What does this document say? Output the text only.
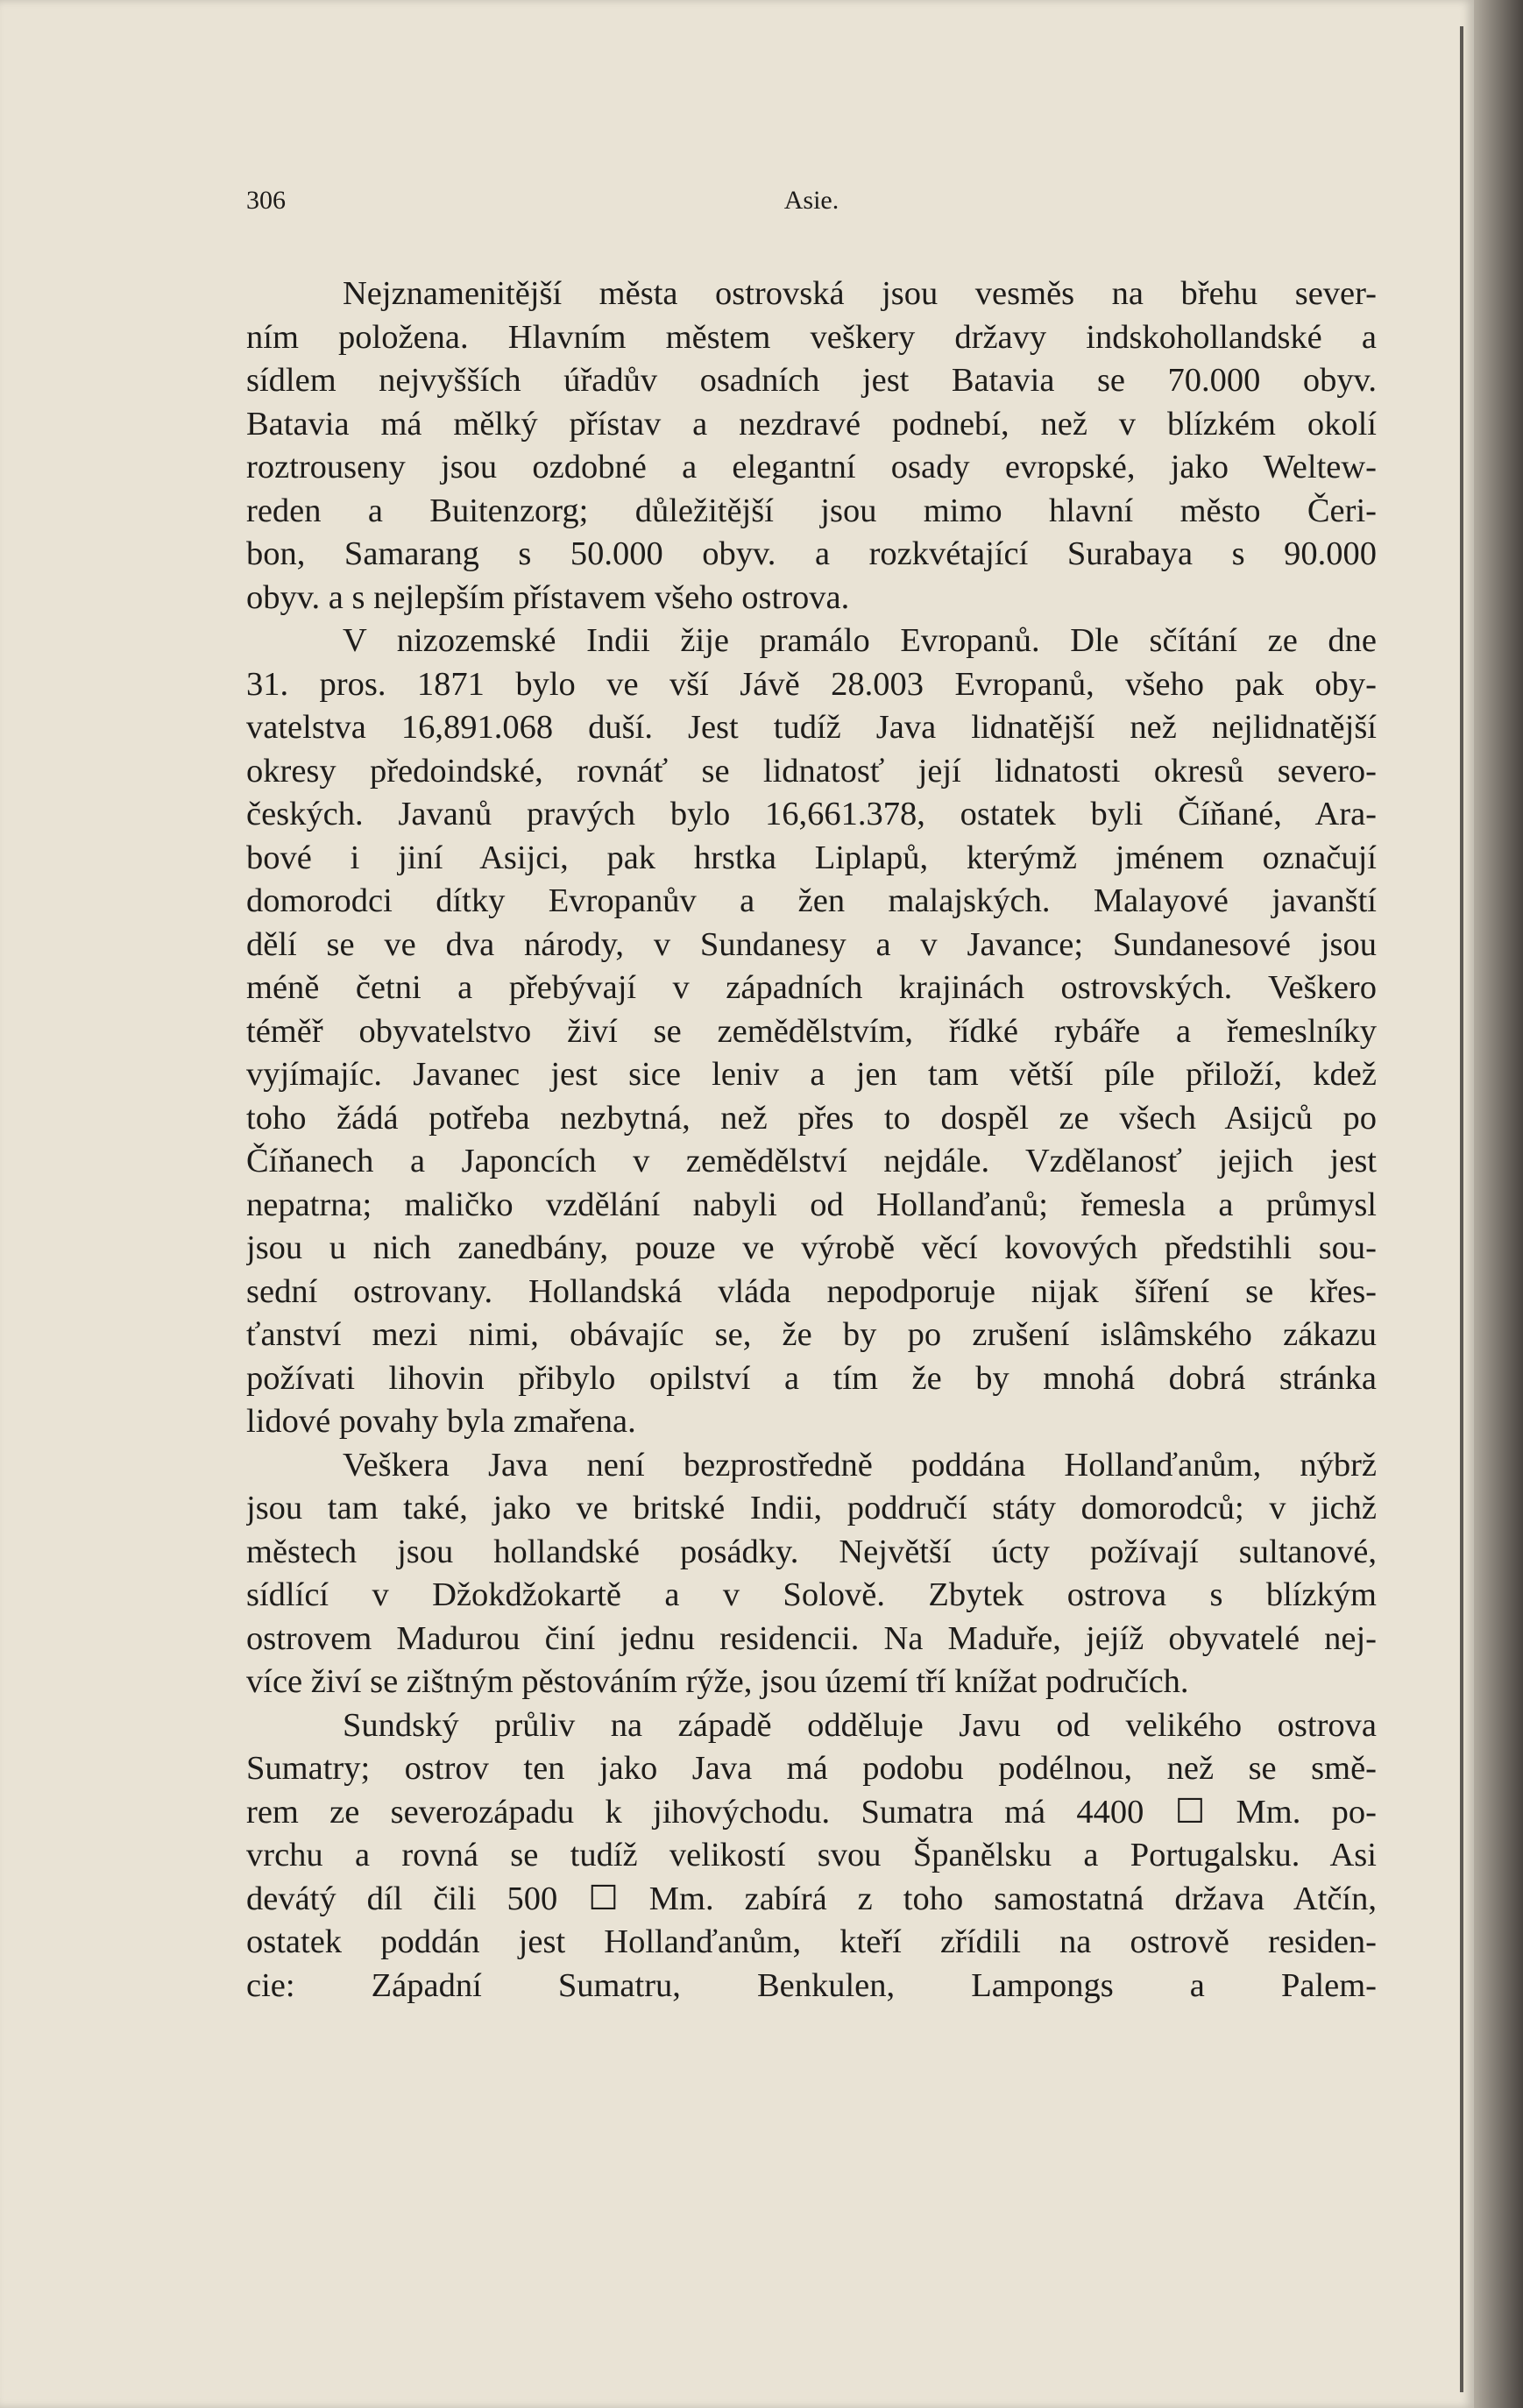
306	Asie.

Nejznamenitější města ostrovská jsou vesměs na břehu sever-
ním položena. Hlavním městem veškery državy indskohollandské a
sídlem nejvyšších úřadův osadních jest Batavia se 70.000 obyv.
Batavia má mělký přístav a nezdravé podnebí, než v blízkém okolí
roztrouseny jsou ozdobné a elegantní osady evropské, jako Weltew-
reden a Buitenzorg; důležitější jsou mimo hlavní město Čeri-
bon, Samarang s 50.000 obyv. a rozkvétající Surabaya s 90.000
obyv. a s nejlepším přístavem všeho ostrova.

V nizozemské Indii žije pramálo Evropanů. Dle sčítání ze dne
31. pros. 1871 bylo ve vší Jávě 28.003 Evropanů, všeho pak oby-
vatelstva 16,891.068 duší. Jest tudíž Java lidnatější než nejlidnatější
okresy předoindské, rovnáť se lidnatosť její lidnatosti okresů severo-
českých. Javanů pravých bylo 16,661.378, ostatek byli Číňané, Ara-
bové i jiní Asijci, pak hrstka Liplapů, kterýmž jménem označují
domorodci dítky Evropanův a žen malajských. Malayové javanští
dělí se ve dva národy, v Sundanesy a v Javance; Sundanesové jsou
méně četni a přebývají v západních krajinách ostrovských. Veškero
téměř obyvatelstvo živí se zemědělstvím, řídké rybáře a řemeslníky
vyjímajíc. Javanec jest sice leniv a jen tam větší píle přiloží, kdež
toho žádá potřeba nezbytná, než přes to dospěl ze všech Asijců po
Číňanech a Japoncích v zemědělství nejdále. Vzdělanosť jejich jest
nepatrna; maličko vzdělání nabyli od Hollanďanů; řemesla a průmysl
jsou u nich zanedbány, pouze ve výrobě věcí kovových předstihli sou-
sední ostrovany. Hollandská vláda nepodporuje nijak šíření se křes-
ťanství mezi nimi, obávajíc se, že by po zrušení islâmského zákazu
požívati lihovin přibylo opilství a tím že by mnohá dobrá stránka
lidové povahy byla zmařena.

Veškera Java není bezprostředně poddána Hollanďanům, nýbrž
jsou tam také, jako ve britské Indii, poddručí státy domorodců; v jichž
městech jsou hollandské posádky. Největší úcty požívají sultanové,
sídlící v Džokdžokartě a v Solově. Zbytek ostrova s blízkým
ostrovem Madurou činí jednu residencii. Na Maduře, jejíž obyvatelé nej-
více živí se zištným pěstováním rýže, jsou území tří knížat područích.

Sundský průliv na západě odděluje Javu od velikého ostrova
Sumatry; ostrov ten jako Java má podobu podélnou, než se smě-
rem ze severozápadu k jihovýchodu. Sumatra má 4400 ☐ Mm. po-
vrchu a rovná se tudíž velikostí svou Španělsku a Portugalsku. Asi
devátý díl čili 500 ☐ Mm. zabírá z toho samostatná država Atčín,
ostatek poddán jest Hollanďanům, kteří zřídili na ostrově residen-
cie: Západní Sumatru, Benkulen, Lampongs a Palem-
